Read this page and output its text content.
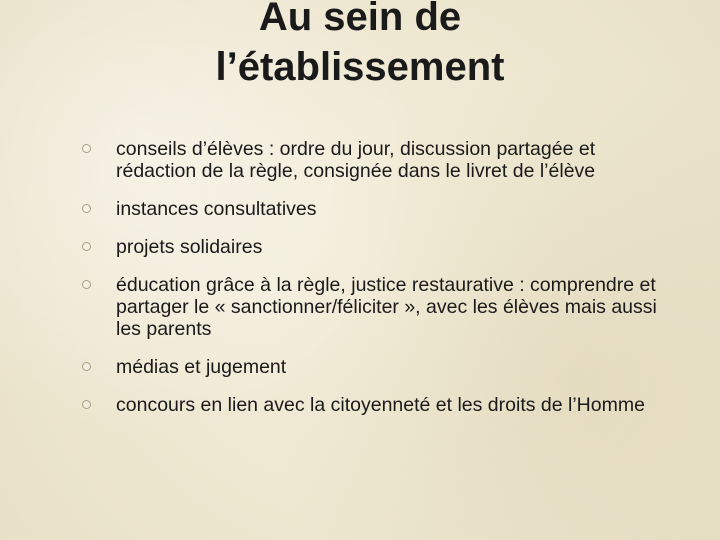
Au sein de
l’établissement
conseils d’élèves : ordre du jour, discussion partagée et rédaction de la règle, consignée dans le livret de l’élève
instances consultatives
projets solidaires
éducation grâce à la règle, justice restaurative : comprendre et partager le « sanctionner/féliciter », avec les élèves mais aussi les parents
médias et jugement
concours en lien avec la citoyenneté et les droits de l’Homme
